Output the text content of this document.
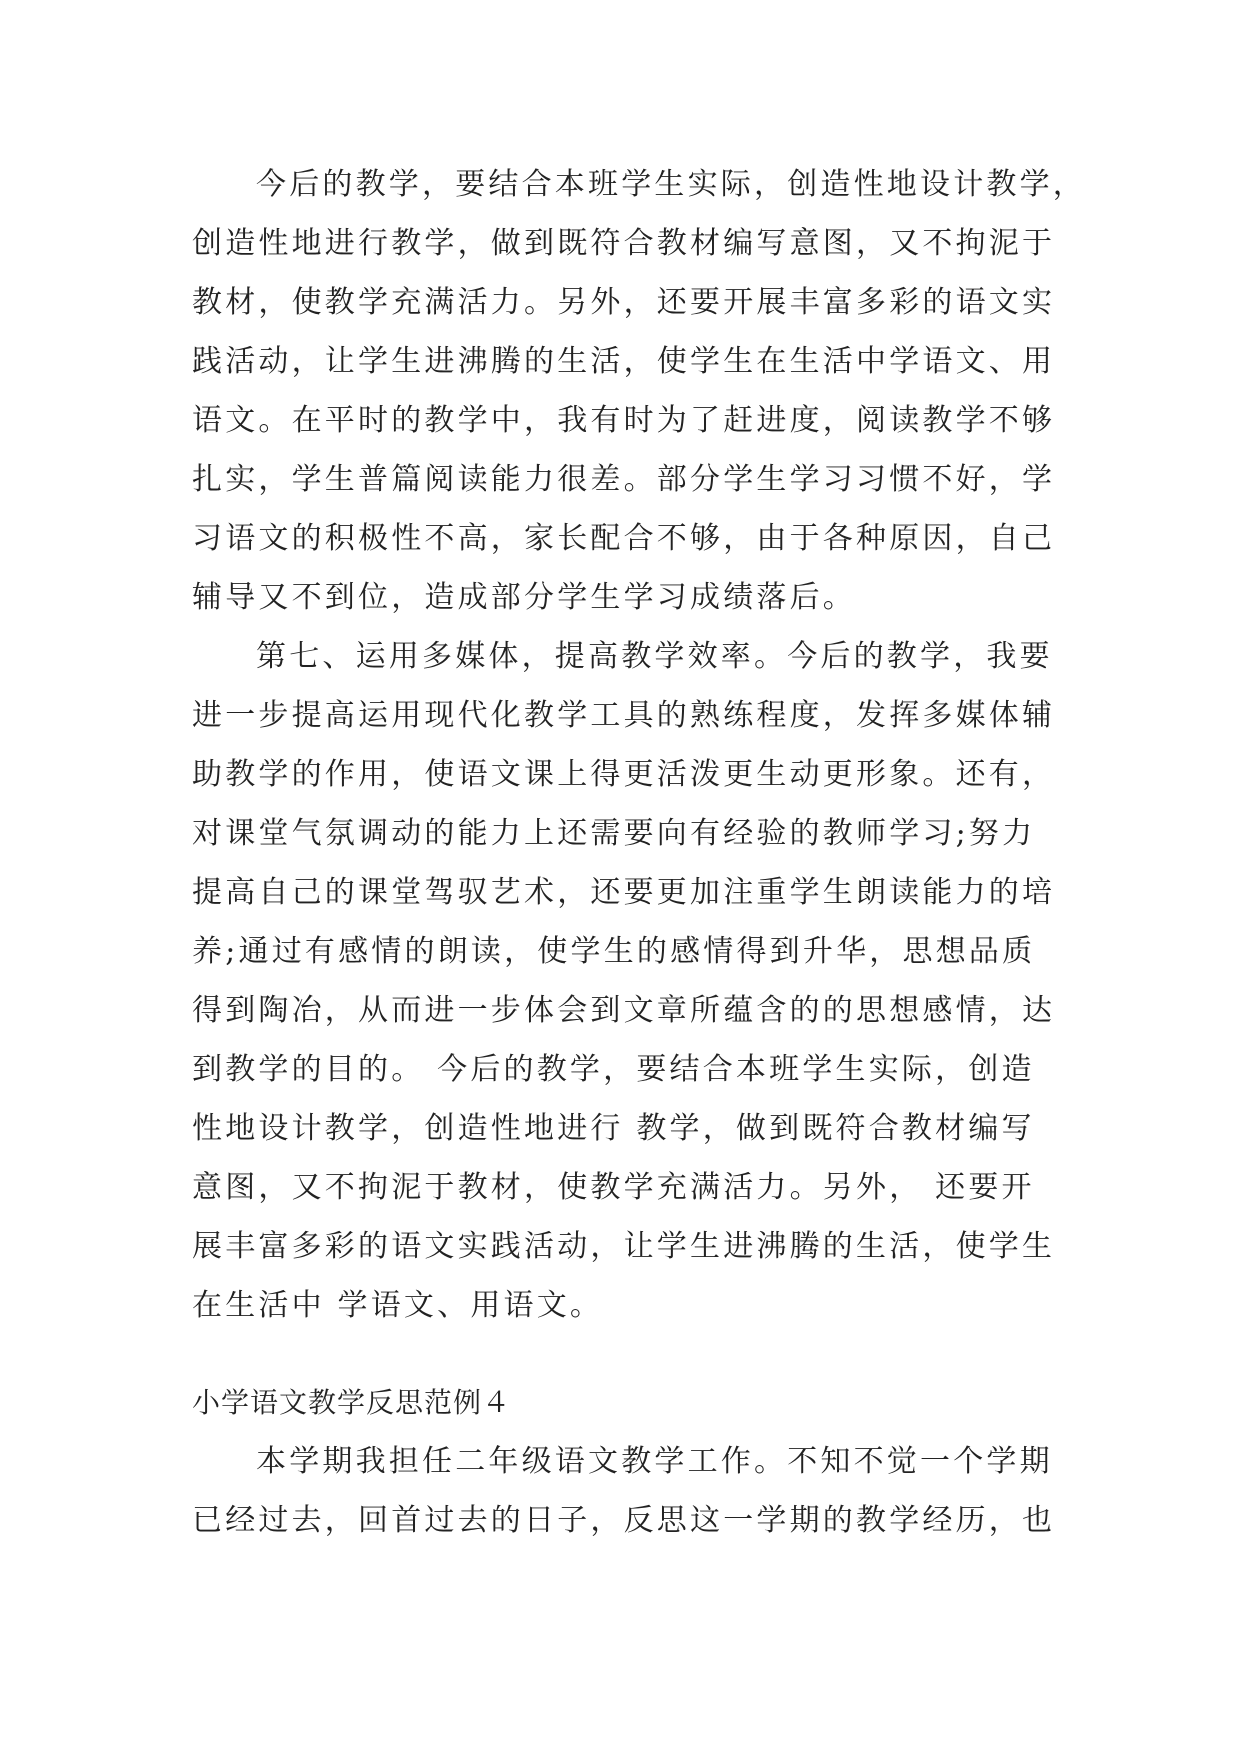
今后的教学，要结合本班学生实际，创造性地设计教学，
创造性地进行教学，做到既符合教材编写意图，又不拘泥于
教材，使教学充满活力。另外，还要开展丰富多彩的语文实
践活动，让学生进沸腾的生活，使学生在生活中学语文、用
语文。在平时的教学中，我有时为了赶进度，阅读教学不够
扎实，学生普篇阅读能力很差。部分学生学习习惯不好，学
习语文的积极性不高，家长配合不够，由于各种原因，自己
辅导又不到位，造成部分学生学习成绩落后。
第七、运用多媒体，提高教学效率。今后的教学，我要
进一步提高运用现代化教学工具的熟练程度，发挥多媒体辅
助教学的作用，使语文课上得更活泼更生动更形象。还有，
对课堂气氛调动的能力上还需要向有经验的教师学习;努力
提高自己的课堂驾驭艺术，还要更加注重学生朗读能力的培
养;通过有感情的朗读，使学生的感情得到升华，思想品质
得到陶冶，从而进一步体会到文章所蕴含的的思想感情，达
到教学的目的。 今后的教学，要结合本班学生实际，创造
性地设计教学，创造性地进行 教学，做到既符合教材编写
意图，又不拘泥于教材，使教学充满活力。另外， 还要开
展丰富多彩的语文实践活动，让学生进沸腾的生活，使学生
在生活中 学语文、用语文。
小学语文教学反思范例４
本学期我担任二年级语文教学工作。不知不觉一个学期
已经过去，回首过去的日子，反思这一学期的教学经历，也
